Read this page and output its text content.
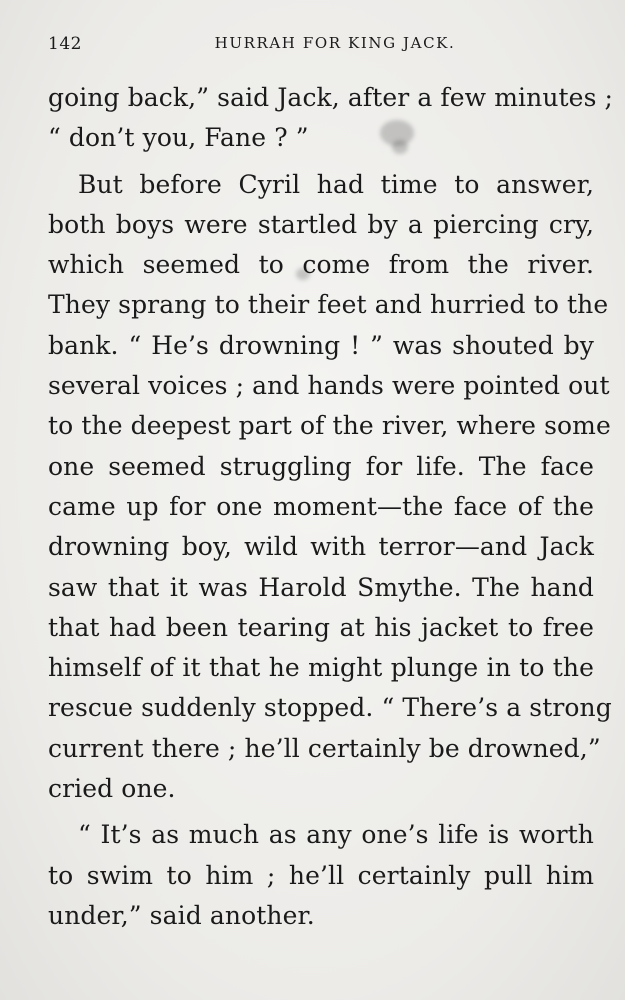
142	HURRAH FOR KING JACK.
going back,” said Jack, after a few minutes ;
“ don’t you, Fane ? ”
But before Cyril had time to answer,
both boys were startled by a piercing cry,
which seemed to come from the river.
They sprang to their feet and hurried to the
bank. “ He’s drowning ! ” was shouted by
several voices ; and hands were pointed out
to the deepest part of the river, where some
one seemed struggling for life. The face
came up for one moment—the face of the
drowning boy, wild with terror—and Jack
saw that it was Harold Smythe. The hand
that had been tearing at his jacket to free
himself of it that he might plunge in to the
rescue suddenly stopped. “ There’s a strong
current there ; he’ll certainly be drowned,”
cried one.
“ It’s as much as any one’s life is worth
to swim to him ; he’ll certainly pull him
under,” said another.
